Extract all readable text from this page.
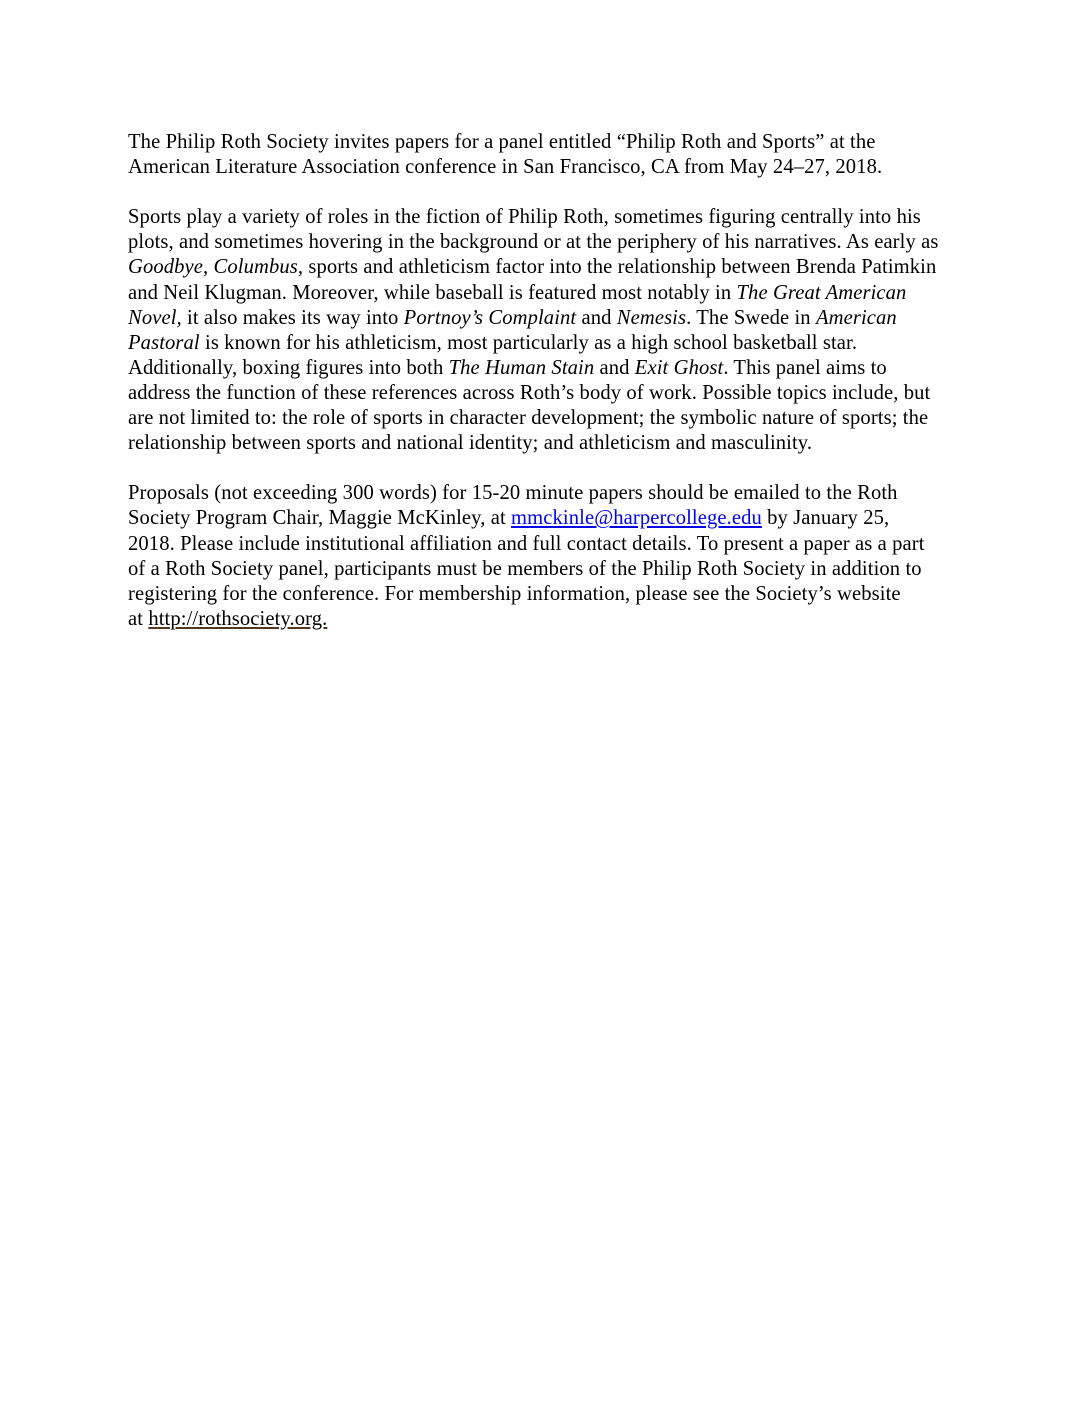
The Philip Roth Society invites papers for a panel entitled “Philip Roth and Sports” at the
American Literature Association conference in San Francisco, CA from May 24–27, 2018.
Sports play a variety of roles in the fiction of Philip Roth, sometimes figuring centrally into his
plots, and sometimes hovering in the background or at the periphery of his narratives. As early as
Goodbye, Columbus, sports and athleticism factor into the relationship between Brenda Patimkin
and Neil Klugman. Moreover, while baseball is featured most notably in The Great American
Novel, it also makes its way into Portnoy’s Complaint and Nemesis. The Swede in American
Pastoral is known for his athleticism, most particularly as a high school basketball star.
Additionally, boxing figures into both The Human Stain and Exit Ghost. This panel aims to
address the function of these references across Roth’s body of work. Possible topics include, but
are not limited to: the role of sports in character development; the symbolic nature of sports; the
relationship between sports and national identity; and athleticism and masculinity.
Proposals (not exceeding 300 words) for 15-20 minute papers should be emailed to the Roth
Society Program Chair, Maggie McKinley, at mmckinle@harpercollege.edu by January 25,
2018. Please include institutional affiliation and full contact details. To present a paper as a part
of a Roth Society panel, participants must be members of the Philip Roth Society in addition to
registering for the conference. For membership information, please see the Society’s website
at http://rothsociety.org.
